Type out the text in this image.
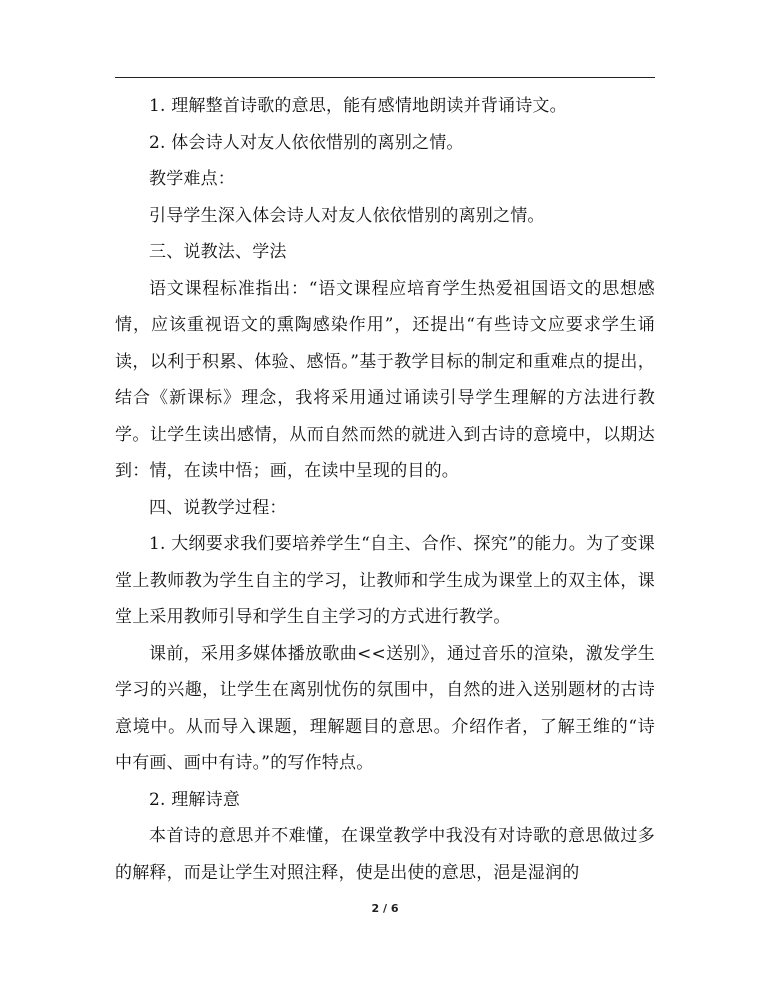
1. 理解整首诗歌的意思，能有感情地朗读并背诵诗文。

2. 体会诗人对友人依依惜别的离别之情。

教学难点：

引导学生深入体会诗人对友人依依惜别的离别之情。

三、说教法、学法

语文课程标准指出：“语文课程应培育学生热爱祖国语文的思想感情，应该重视语文的熏陶感染作用”，还提出“有些诗文应要求学生诵读，以利于积累、体验、感悟。”基于教学目标的制定和重难点的提出，结合《新课标》理念，我将采用通过诵读引导学生理解的方法进行教学。让学生读出感情，从而自然而然的就进入到古诗的意境中，以期达到：情，在读中悟；画，在读中呈现的目的。

四、说教学过程：

1. 大纲要求我们要培养学生“自主、合作、探究”的能力。为了变课堂上教师教为学生自主的学习，让教师和学生成为课堂上的双主体，课堂上采用教师引导和学生自主学习的方式进行教学。

课前，采用多媒体播放歌曲<<送别》，通过音乐的渲染，激发学生学习的兴趣，让学生在离别忧伤的氛围中，自然的进入送别题材的古诗意境中。从而导入课题，理解题目的意思。介绍作者，了解王维的“诗中有画、画中有诗。”的写作特点。

2. 理解诗意

本首诗的意思并不难懂，在课堂教学中我没有对诗歌的意思做过多的解释，而是让学生对照注释，使是出使的意思，浥是湿润的

2 / 6
